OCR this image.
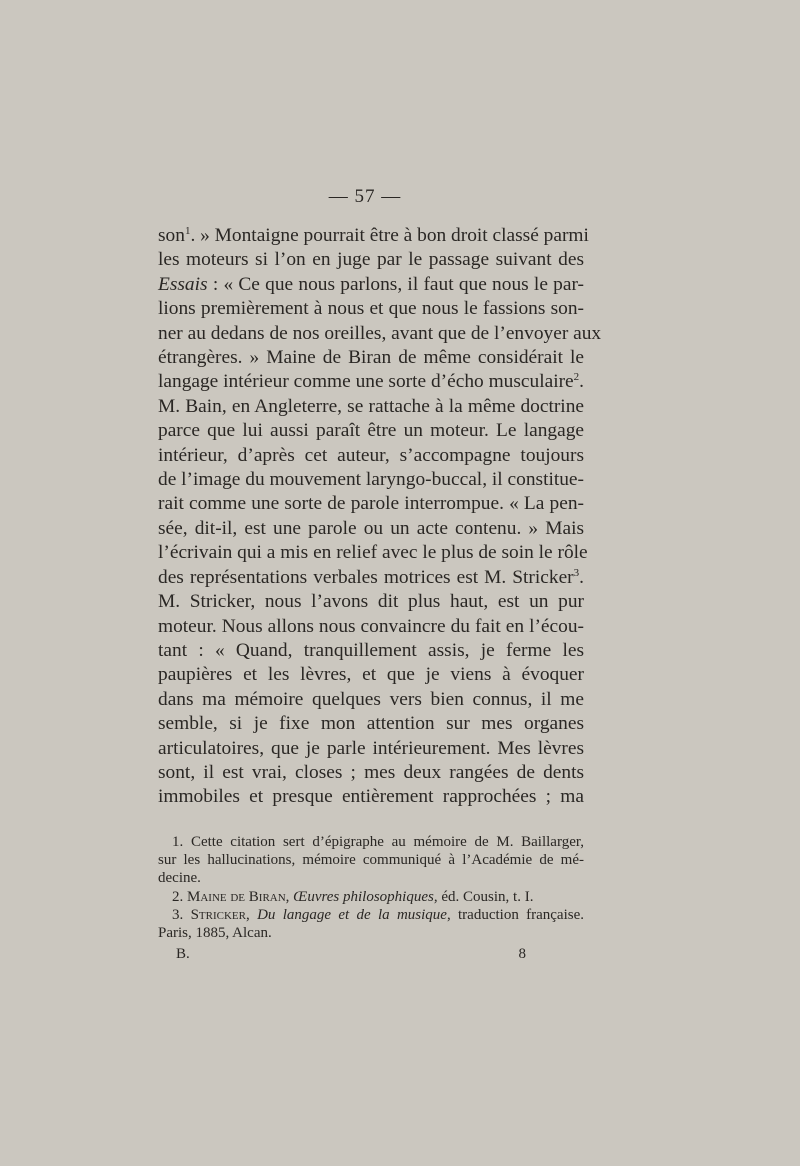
— 57 —
son$^1$. » Montaigne pourrait être à bon droit classé parmi
les moteurs si l’on en juge par le passage suivant des
Essais : « Ce que nous parlons, il faut que nous le par-
lions premièrement à nous et que nous le fassions son-
ner au dedans de nos oreilles, avant que de l’envoyer aux
étrangères. » Maine de Biran de même considérait le
langage intérieur comme une sorte d’écho musculaire$^2$.
M. Bain, en Angleterre, se rattache à la même doctrine
parce que lui aussi paraît être un moteur. Le langage
intérieur, d’après cet auteur, s’accompagne toujours
de l’image du mouvement laryngo-buccal, il constitue-
rait comme une sorte de parole interrompue. « La pen-
sée, dit-il, est une parole ou un acte contenu. » Mais
l’écrivain qui a mis en relief avec le plus de soin le rôle
des représentations verbales motrices est M. Stricker$^3$.
M. Stricker, nous l’avons dit plus haut, est un pur
moteur. Nous allons nous convaincre du fait en l’écou-
tant : « Quand, tranquillement assis, je ferme les
paupières et les lèvres, et que je viens à évoquer
dans ma mémoire quelques vers bien connus, il me
semble, si je fixe mon attention sur mes organes
articulatoires, que je parle intérieurement. Mes lèvres
sont, il est vrai, closes ; mes deux rangées de dents
immobiles et presque entièrement rapprochées ; ma
1. Cette citation sert d’épigraphe au mémoire de M. Baillarger,
sur les hallucinations, mémoire communiqué à l’Académie de mé-
decine.
2. Maine de Biran, Œuvres philosophiques, éd. Cousin, t. I.
3. Stricker, Du langage et de la musique, traduction française.
Paris, 1885, Alcan.
B.	8
